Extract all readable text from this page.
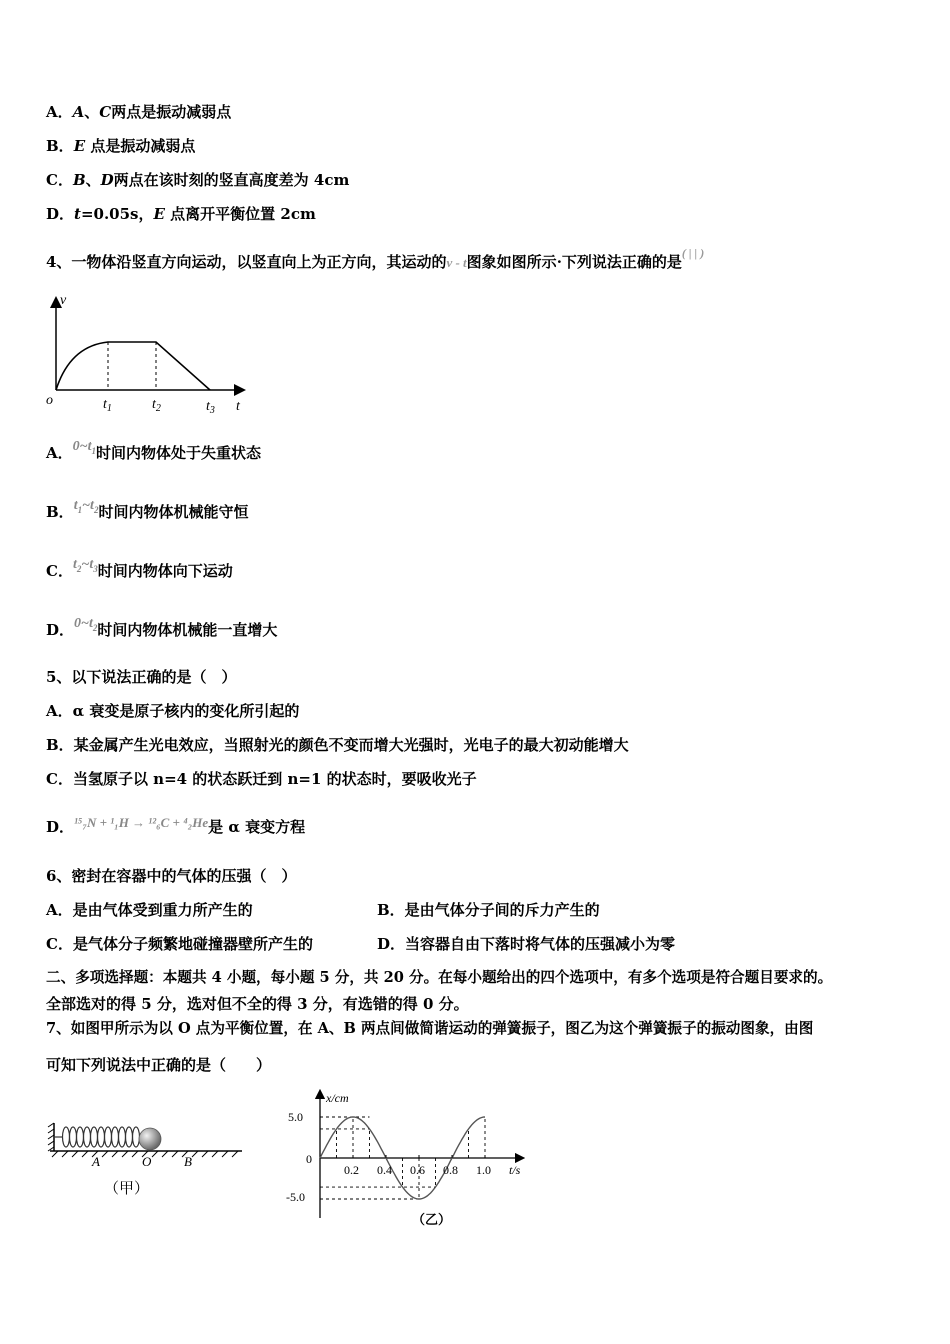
A．A、C两点是振动减弱点
B．E 点是振动减弱点
C．B、D两点在该时刻的竖直高度差为 4cm
D．t=0.05s，E 点离开平衡位置 2cm
4、一物体沿竖直方向运动，以竖直向上为正方向，其运动的v - t图象如图所示·下列说法正确的是( | | )
v
o	$t_1$	$t_2$	$t_3$ t
A．$0\sim t_1$时间内物体处于失重状态
B．$t_1\sim t_2$时间内物体机械能守恒
C．$t_2\sim t_3$时间内物体向下运动
D．$0\sim t_2$时间内物体机械能一直增大
5、以下说法正确的是（　）
A．α 衰变是原子核内的变化所引起的
B．某金属产生光电效应，当照射光的颜色不变而增大光强时，光电子的最大初动能增大
C．当氢原子以 n=4 的状态跃迁到 n=1 的状态时，要吸收光子
D．¹⁵₇N + ¹₁H → ¹²₆C + ⁴₂He是 α 衰变方程
6、密封在容器中的气体的压强（　）
A．是由气体受到重力所产生的	B．是由气体分子间的斥力产生的
C．是气体分子频繁地碰撞器壁所产生的	D．当容器自由下落时将气体的压强减小为零
二、多项选择题：本题共 4 小题，每小题 5 分，共 20 分。在每小题给出的四个选项中，有多个选项是符合题目要求的。
全部选对的得 5 分，选对但不全的得 3 分，有选错的得 0 分。
7、如图甲所示为以 O 点为平衡位置，在 A、B 两点间做简谐运动的弹簧振子，图乙为这个弹簧振子的振动图象，由图
可知下列说法中正确的是（　　）
A	O	B
（甲）
x/cm
t/s
5.0
-5.0
0
0.2 0.4 0.6 0.8 1.0
（乙）
